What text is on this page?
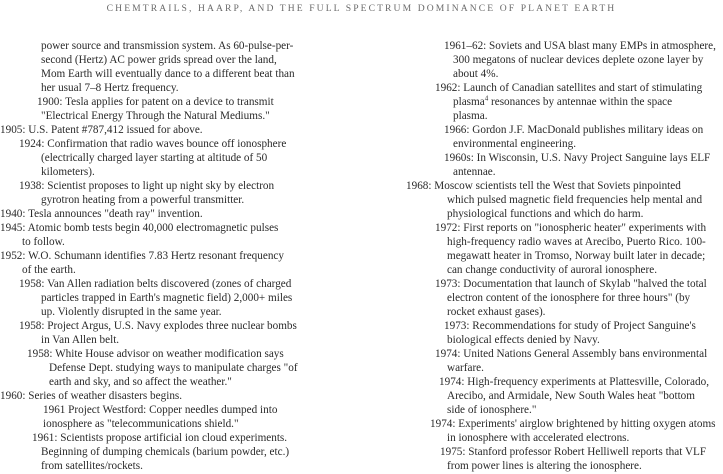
CHEMTRAILS, HAARP, AND THE FULL SPECTRUM DOMINANCE OF PLANET EARTH

power source and transmission system. As 60-pulse-per-
second (Hertz) AC power grids spread over the land,
Mom Earth will eventually dance to a different beat than
her usual 7–8 Hertz frequency.

1900: Tesla applies for patent on a device to transmit
"Electrical Energy Through the Natural Mediums."

1905: U.S. Patent #787,412 issued for above.

1924: Confirmation that radio waves bounce off ionosphere
(electrically charged layer starting at altitude of 50
kilometers).

1938: Scientist proposes to light up night sky by electron
gyrotron heating from a powerful transmitter.

1940: Tesla announces "death ray" invention.

1945: Atomic bomb tests begin 40,000 electromagnetic pulses
to follow.

1952: W.O. Schumann identifies 7.83 Hertz resonant frequency
of the earth.

1958: Van Allen radiation belts discovered (zones of charged
particles trapped in Earth's magnetic field) 2,000+ miles
up. Violently disrupted in the same year.

1958: Project Argus, U.S. Navy explodes three nuclear bombs
in Van Allen belt.

1958: White House advisor on weather modification says
Defense Dept. studying ways to manipulate charges "of
earth and sky, and so affect the weather."

1960: Series of weather disasters begins.

1961 Project Westford: Copper needles dumped into
ionosphere as "telecommunications shield."

1961: Scientists propose artificial ion cloud experiments.
Beginning of dumping chemicals (barium powder, etc.)
from satellites/rockets.

1961–62: Soviets and USA blast many EMPs in atmosphere,
300 megatons of nuclear devices deplete ozone layer by
about 4%.

1962: Launch of Canadian satellites and start of stimulating
plasma$^4$ resonances by antennae within the space
plasma.

1966: Gordon J.F. MacDonald publishes military ideas on
environmental engineering.

1960s: In Wisconsin, U.S. Navy Project Sanguine lays ELF
antennae.

1968: Moscow scientists tell the West that Soviets pinpointed
which pulsed magnetic field frequencies help mental and
physiological functions and which do harm.

1972: First reports on "ionospheric heater" experiments with
high-frequency radio waves at Arecibo, Puerto Rico. 100-
megawatt heater in Tromso, Norway built later in decade;
can change conductivity of auroral ionosphere.

1973: Documentation that launch of Skylab "halved the total
electron content of the ionosphere for three hours" (by
rocket exhaust gases).

1973: Recommendations for study of Project Sanguine's
biological effects denied by Navy.

1974: United Nations General Assembly bans environmental
warfare.

1974: High-frequency experiments at Plattesville, Colorado,
Arecibo, and Armidale, New South Wales heat "bottom
side of ionosphere."

1974: Experiments' airglow brightened by hitting oxygen atoms
in ionosphere with accelerated electrons.

1975: Stanford professor Robert Helliwell reports that VLF
from power lines is altering the ionosphere.
